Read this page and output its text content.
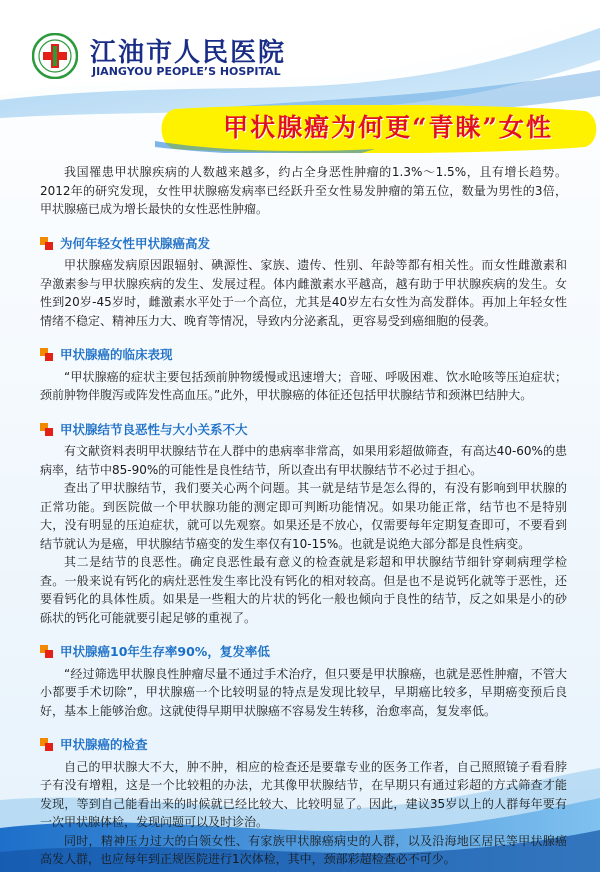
江油市人民医院
JIANGYOU PEOPLE’S HOSPITAL
甲状腺癌为何更“青睐”女性

我国罹患甲状腺疾病的人数越来越多，约占全身恶性肿瘤的1.3%～1.5%，且有增长趋势。2012年的研究发现，女性甲状腺癌发病率已经跃升至女性易发肿瘤的第五位，数量为男性的3倍，甲状腺癌已成为增长最快的女性恶性肿瘤。

为何年轻女性甲状腺癌高发

甲状腺癌发病原因跟辐射、碘源性、家族、遗传、性别、年龄等都有相关性。而女性雌激素和孕激素参与甲状腺疾病的发生、发展过程。体内雌激素水平越高，越有助于甲状腺疾病的发生。女性到20岁-45岁时，雌激素水平处于一个高位，尤其是40岁左右女性为高发群体。再加上年轻女性情绪不稳定、精神压力大、晚育等情况，导致内分泌紊乱，更容易受到癌细胞的侵袭。

甲状腺癌的临床表现

“甲状腺癌的症状主要包括颈前肿物缓慢或迅速增大；音哑、呼吸困难、饮水呛咳等压迫症状；颈前肿物伴腹泻或阵发性高血压。”此外，甲状腺癌的体征还包括甲状腺结节和颈淋巴结肿大。

甲状腺结节良恶性与大小关系不大

有文献资料表明甲状腺结节在人群中的患病率非常高，如果用彩超做筛查，有高达40-60%的患病率，结节中85-90%的可能性是良性结节，所以查出有甲状腺结节不必过于担心。

查出了甲状腺结节，我们要关心两个问题。其一就是结节是怎么得的，有没有影响到甲状腺的正常功能。到医院做一个甲状腺功能的测定即可判断功能情况。如果功能正常，结节也不是特别大，没有明显的压迫症状，就可以先观察。如果还是不放心，仅需要每年定期复查即可，不要看到结节就认为是癌，甲状腺结节癌变的发生率仅有10-15%。也就是说绝大部分都是良性病变。

其二是结节的良恶性。确定良恶性最有意义的检查就是彩超和甲状腺结节细针穿刺病理学检查。一般来说有钙化的病灶恶性发生率比没有钙化的相对较高。但是也不是说钙化就等于恶性，还要看钙化的具体性质。如果是一些粗大的片状的钙化一般也倾向于良性的结节，反之如果是小的砂砾状的钙化可能就要引起足够的重视了。

甲状腺癌10年生存率90%，复发率低

“经过筛选甲状腺良性肿瘤尽量不通过手术治疗，但只要是甲状腺癌，也就是恶性肿瘤，不管大小都要手术切除”，甲状腺癌一个比较明显的特点是发现比较早，早期癌比较多，早期癌变预后良好，基本上能够治愈。这就使得早期甲状腺癌不容易发生转移，治愈率高，复发率低。

甲状腺癌的检查

自己的甲状腺大不大，肿不肿，相应的检查还是要靠专业的医务工作者，自己照照镜子看看脖子有没有增粗，这是一个比较粗的办法，尤其像甲状腺结节，在早期只有通过彩超的方式筛查才能发现，等到自己能看出来的时候就已经比较大、比较明显了。因此，建议35岁以上的人群每年要有一次甲状腺体检，发现问题可以及时诊治。

同时，精神压力过大的白领女性、有家族甲状腺癌病史的人群，以及沿海地区居民等甲状腺癌高发人群，也应每年到正规医院进行1次体检，其中，颈部彩超检查必不可少。
